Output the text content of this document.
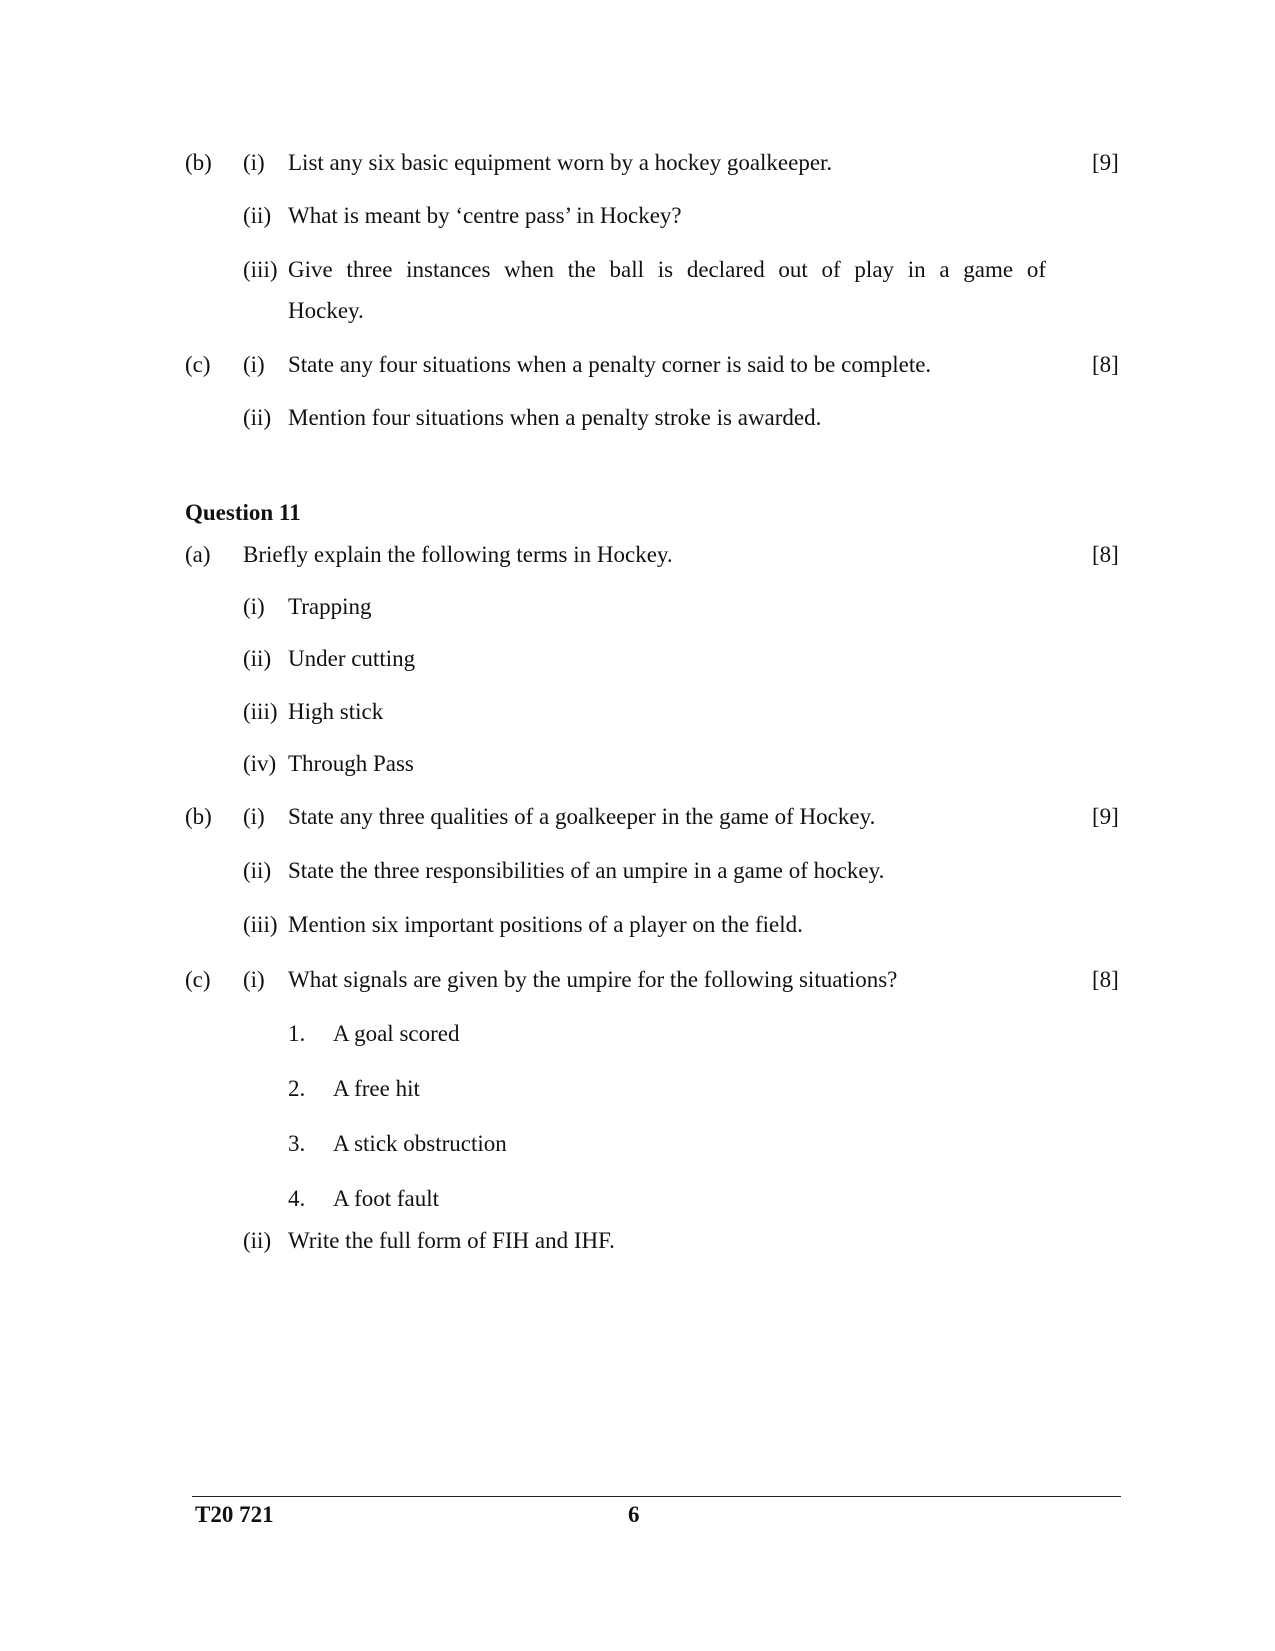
(b) (i) List any six basic equipment worn by a hockey goalkeeper.	[9]
(ii) What is meant by ‘centre pass’ in Hockey?
(iii) Give three instances when the ball is declared out of play in a game of
Hockey.
(c) (i) State any four situations when a penalty corner is said to be complete.	[8]
(ii) Mention four situations when a penalty stroke is awarded.
Question 11
(a) Briefly explain the following terms in Hockey.	[8]
(i) Trapping
(ii) Under cutting
(iii) High stick
(iv) Through Pass
(b) (i) State any three qualities of a goalkeeper in the game of Hockey.	[9]
(ii) State the three responsibilities of an umpire in a game of hockey.
(iii) Mention six important positions of a player on the field.
(c) (i) What signals are given by the umpire for the following situations?	[8]
1. A goal scored
2. A free hit
3. A stick obstruction
4. A foot fault
(ii) Write the full form of FIH and IHF.
T20 721	6
